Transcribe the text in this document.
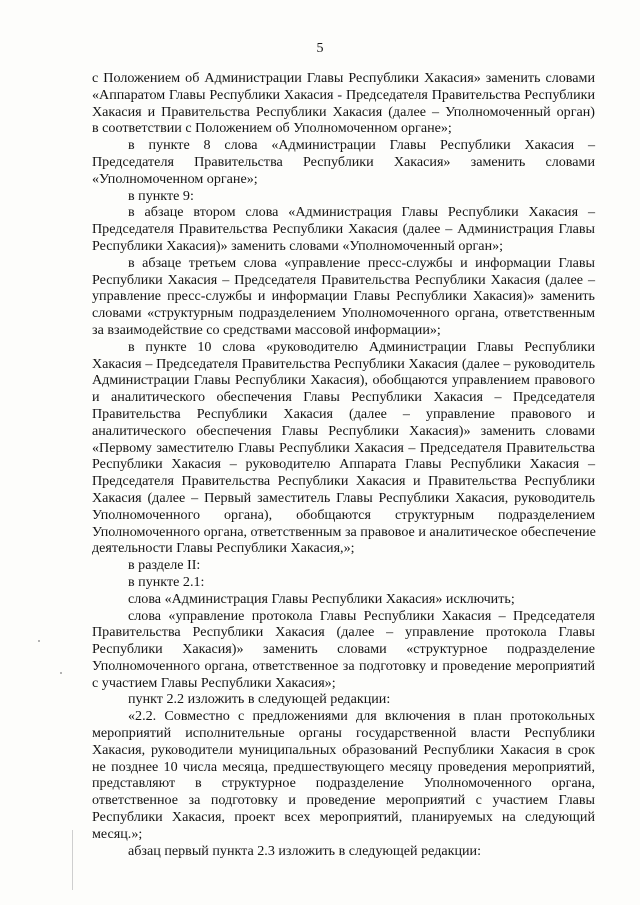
5
с Положением об Администрации Главы Республики Хакасия» заменить словами
«Аппаратом Главы Республики Хакасия - Председателя Правительства Республики
Хакасия и Правительства Республики Хакасия (далее – Уполномоченный орган)
в соответствии с Положением об Уполномоченном органе»;
в пункте 8 слова «Администрации Главы Республики Хакасия –
Председателя Правительства Республики Хакасия» заменить словами
«Уполномоченном органе»;
в пункте 9:
в абзаце втором слова «Администрация Главы Республики Хакасия –
Председателя Правительства Республики Хакасия (далее – Администрация Главы
Республики Хакасия)» заменить словами «Уполномоченный орган»;
в абзаце третьем слова «управление пресс-службы и информации Главы
Республики Хакасия – Председателя Правительства Республики Хакасия (далее –
управление пресс-службы и информации Главы Республики Хакасия)» заменить
словами «структурным подразделением Уполномоченного органа, ответственным
за взаимодействие со средствами массовой информации»;
в пункте 10 слова «руководителю Администрации Главы Республики
Хакасия – Председателя Правительства Республики Хакасия (далее – руководитель
Администрации Главы Республики Хакасия), обобщаются управлением правового
и аналитического обеспечения Главы Республики Хакасия – Председателя
Правительства Республики Хакасия (далее – управление правового и
аналитического обеспечения Главы Республики Хакасия)» заменить словами
«Первому заместителю Главы Республики Хакасия – Председателя Правительства
Республики Хакасия – руководителю Аппарата Главы Республики Хакасия –
Председателя Правительства Республики Хакасия и Правительства Республики
Хакасия (далее – Первый заместитель Главы Республики Хакасия, руководитель
Уполномоченного органа), обобщаются структурным подразделением
Уполномоченного органа, ответственным за правовое и аналитическое обеспечение
деятельности Главы Республики Хакасия,»;
в разделе II:
в пункте 2.1:
слова «Администрация Главы Республики Хакасия» исключить;
слова «управление протокола Главы Республики Хакасия – Председателя
Правительства Республики Хакасия (далее – управление протокола Главы
Республики Хакасия)» заменить словами «структурное подразделение
Уполномоченного органа, ответственное за подготовку и проведение мероприятий
с участием Главы Республики Хакасия»;
пункт 2.2 изложить в следующей редакции:
«2.2. Совместно с предложениями для включения в план протокольных
мероприятий исполнительные органы государственной власти Республики
Хакасия, руководители муниципальных образований Республики Хакасия в срок
не позднее 10 числа месяца, предшествующего месяцу проведения мероприятий,
представляют в структурное подразделение Уполномоченного органа,
ответственное за подготовку и проведение мероприятий с участием Главы
Республики Хакасия, проект всех мероприятий, планируемых на следующий
месяц.»;
абзац первый пункта 2.3 изложить в следующей редакции:
